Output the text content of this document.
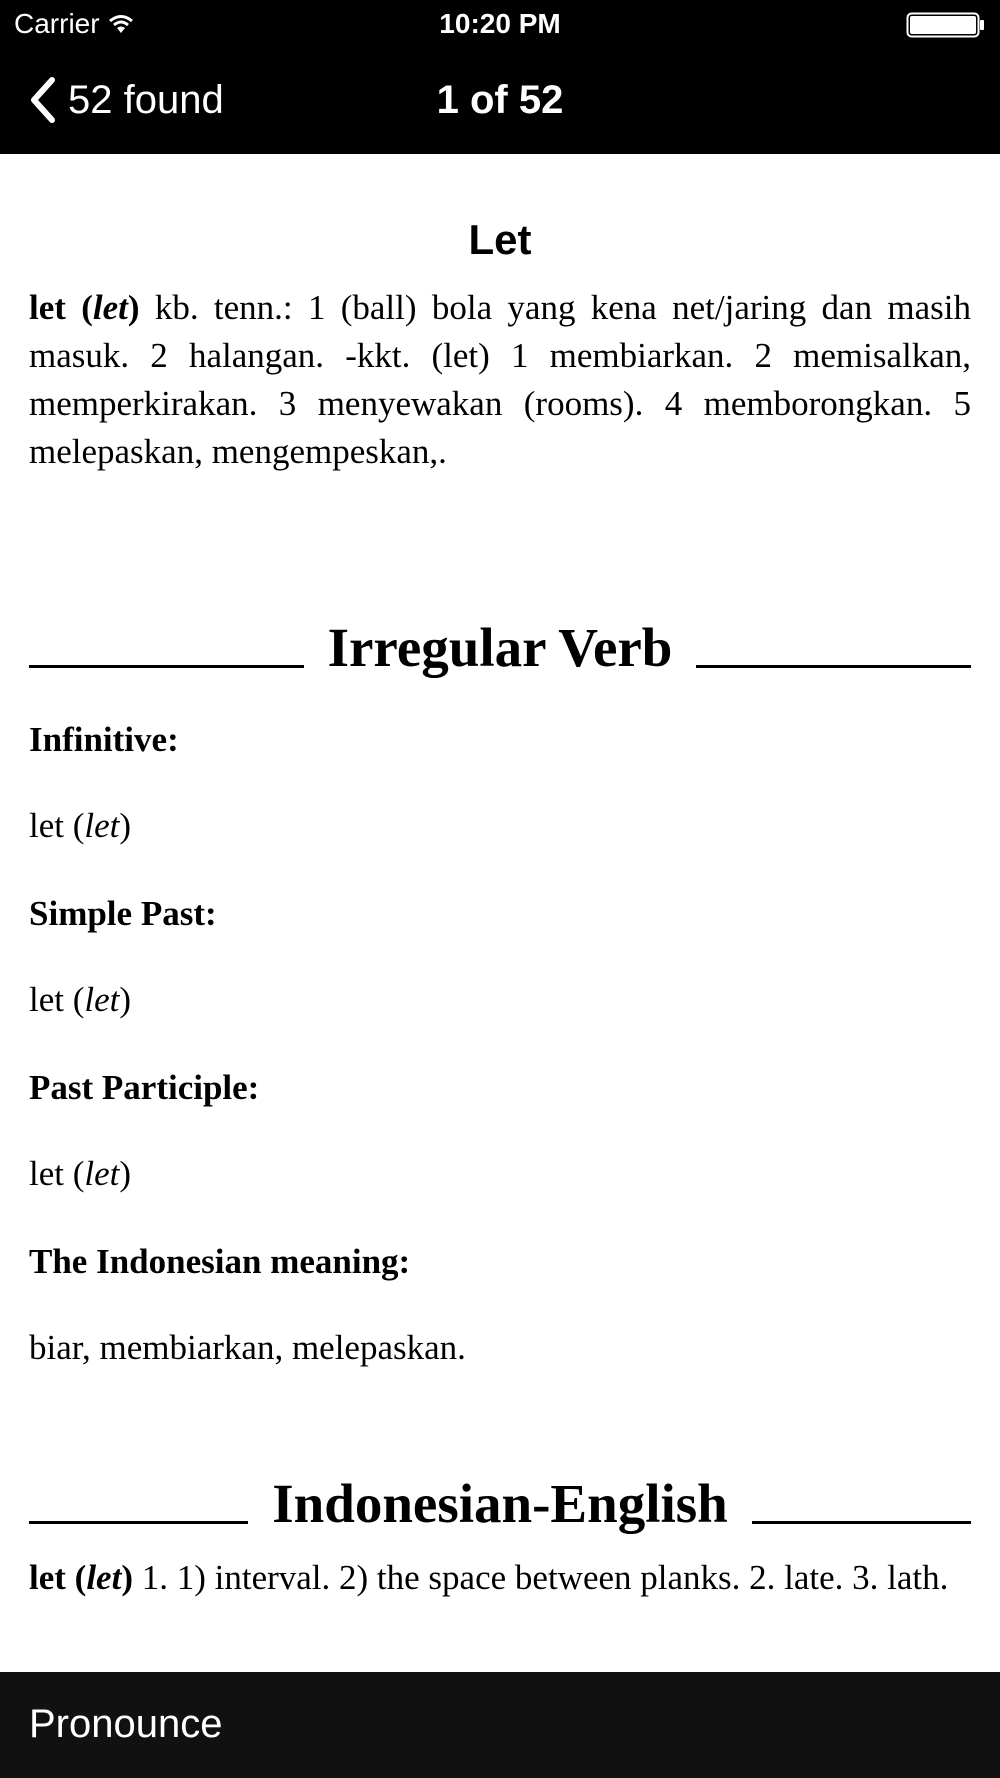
Carrier	10:20 PM
52 found	1 of 52
Let
let (let) kb. tenn.: 1 (ball) bola yang kena net/jaring dan masih masuk. 2 halangan. -kkt. (let) 1 membiarkan. 2 memisalkan, memperkirakan. 3 menyewakan (rooms). 4 memborongkan. 5 melepaskan, mengempeskan,.
Irregular Verb
Infinitive:
let (let)
Simple Past:
let (let)
Past Participle:
let (let)
The Indonesian meaning:
biar, membiarkan, melepaskan.
Indonesian-English
let (let) 1. 1) interval. 2) the space between planks. 2. late. 3. lath.
Pronounce
